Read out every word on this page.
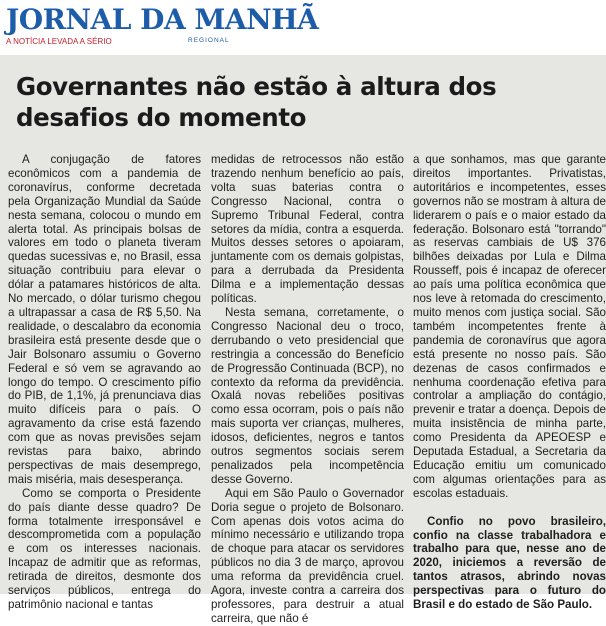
JORNAL DA MANHÃ
A NOTÍCIA LEVADA A SÉRIO	REGIONAL

Governantes não estão à altura dos desafios do momento

A conjugação de fatores econômicos com a pandemia de coronavírus, conforme decretada pela Organização Mundial da Saúde nesta semana, colocou o mundo em alerta total. As principais bolsas de valores em todo o planeta tiveram quedas sucessivas e, no Brasil, essa situação contribuiu para elevar o dólar a patamares históricos de alta. No mercado, o dólar turismo chegou a ultrapassar a casa de R$ 5,50. Na realidade, o descalabro da economia brasileira está presente desde que o Jair Bolsonaro assumiu o Governo Federal e só vem se agravando ao longo do tempo. O crescimento pífio do PIB, de 1,1%, já prenunciava dias muito difíceis para o país. O agravamento da crise está fazendo com que as novas previsões sejam revistas para baixo, abrindo perspectivas de mais desemprego, mais miséria, mais desesperança.

Como se comporta o Presidente do país diante desse quadro? De forma totalmente irresponsável e descomprometida com a população e com os interesses nacionais. Incapaz de admitir que as reformas, retirada de direitos, desmonte dos serviços públicos, entrega do patrimônio nacional e tantas

medidas de retrocessos não estão trazendo nenhum benefício ao país, volta suas baterias contra o Congresso Nacional, contra o Supremo Tribunal Federal, contra setores da mídia, contra a esquerda. Muitos desses setores o apoiaram, juntamente com os demais golpistas, para a derrubada da Presidenta Dilma e a implementação dessas políticas.

Nesta semana, corretamente, o Congresso Nacional deu o troco, derrubando o veto presidencial que restringia a concessão do Benefício de Progressão Continuada (BCP), no contexto da reforma da previdência. Oxalá novas rebeliões positivas como essa ocorram, pois o país não mais suporta ver crianças, mulheres, idosos, deficientes, negros e tantos outros segmentos sociais serem penalizados pela incompetência desse Governo.

Aqui em São Paulo o Governador Doria segue o projeto de Bolsonaro. Com apenas dois votos acima do mínimo necessário e utilizando tropa de choque para atacar os servidores públicos no dia 3 de março, aprovou uma reforma da previdência cruel. Agora, investe contra a carreira dos professores, para destruir a atual carreira, que não é

a que sonhamos, mas que garante direitos importantes. Privatistas, autoritários e incompetentes, esses governos não se mostram à altura de liderarem o país e o maior estado da federação. Bolsonaro está "torrando" as reservas cambiais de U$ 376 bilhões deixadas por Lula e Dilma Rousseff, pois é incapaz de oferecer ao país uma política econômica que nos leve à retomada do crescimento, muito menos com justiça social. São também incompetentes frente à pandemia de coronavírus que agora está presente no nosso país. São dezenas de casos confirmados e nenhuma coordenação efetiva para controlar a ampliação do contágio, prevenir e tratar a doença. Depois de muita insistência de minha parte, como Presidenta da APEOESP e Deputada Estadual, a Secretaria da Educação emitiu um comunicado com algumas orientações para as escolas estaduais.

Confio no povo brasileiro, confio na classe trabalhadora e trabalho para que, nesse ano de 2020, iniciemos a reversão de tantos atrasos, abrindo novas perspectivas para o futuro do Brasil e do estado de São Paulo.
